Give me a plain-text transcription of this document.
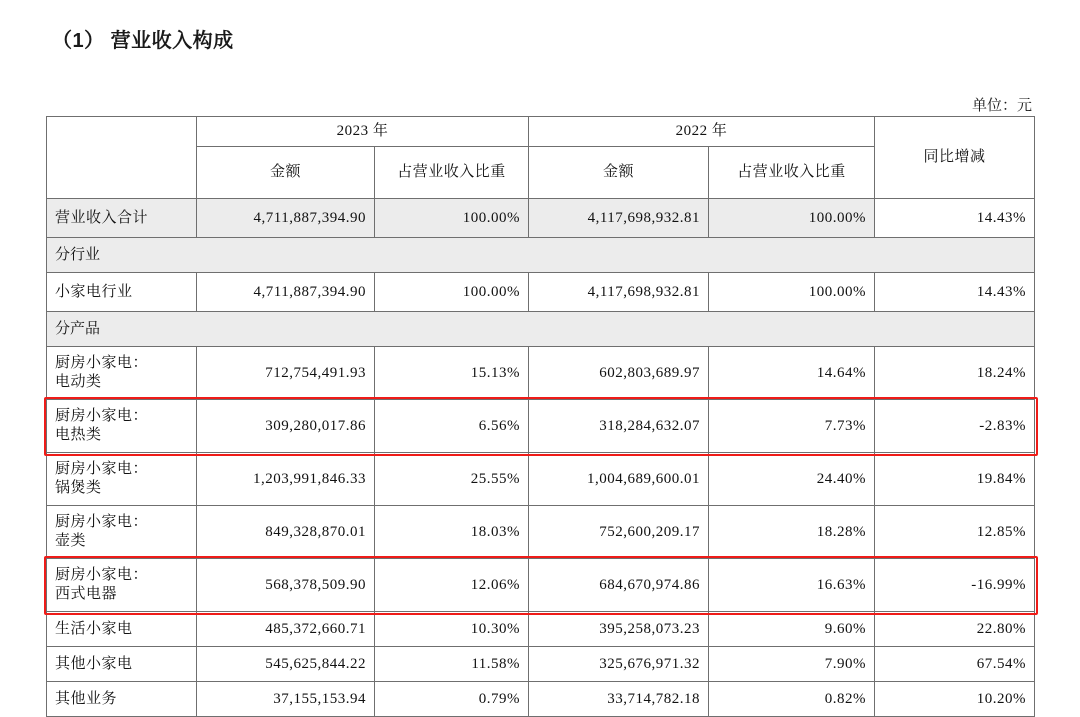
（1） 营业收入构成
单位：元
	2023 年		2022 年		同比增减
	金额	占营业收入比重	金额	占营业收入比重	
营业收入合计	4,711,887,394.90	100.00%	4,117,698,932.81	100.00%	14.43%
分行业					
小家电行业	4,711,887,394.90	100.00%	4,117,698,932.81	100.00%	14.43%
分产品					

厨房小家电：
电动类	712,754,491.93	15.13%	602,803,689.97	14.64%	18.24%

厨房小家电：
电热类	309,280,017.86	6.56%	318,284,632.07	7.73%	-2.83%

厨房小家电：
锅煲类	1,203,991,846.33	25.55%	1,004,689,600.01	24.40%	19.84%

厨房小家电：
壶类	849,328,870.01	18.03%	752,600,209.17	18.28%	12.85%

厨房小家电：
西式电器	568,378,509.90	12.06%	684,670,974.86	16.63%	-16.99%
生活小家电	485,372,660.71	10.30%	395,258,073.23	9.60%	22.80%
其他小家电	545,625,844.22	11.58%	325,676,971.32	7.90%	67.54%
其他业务	37,155,153.94	0.79%	33,714,782.18	0.82%	10.20%
